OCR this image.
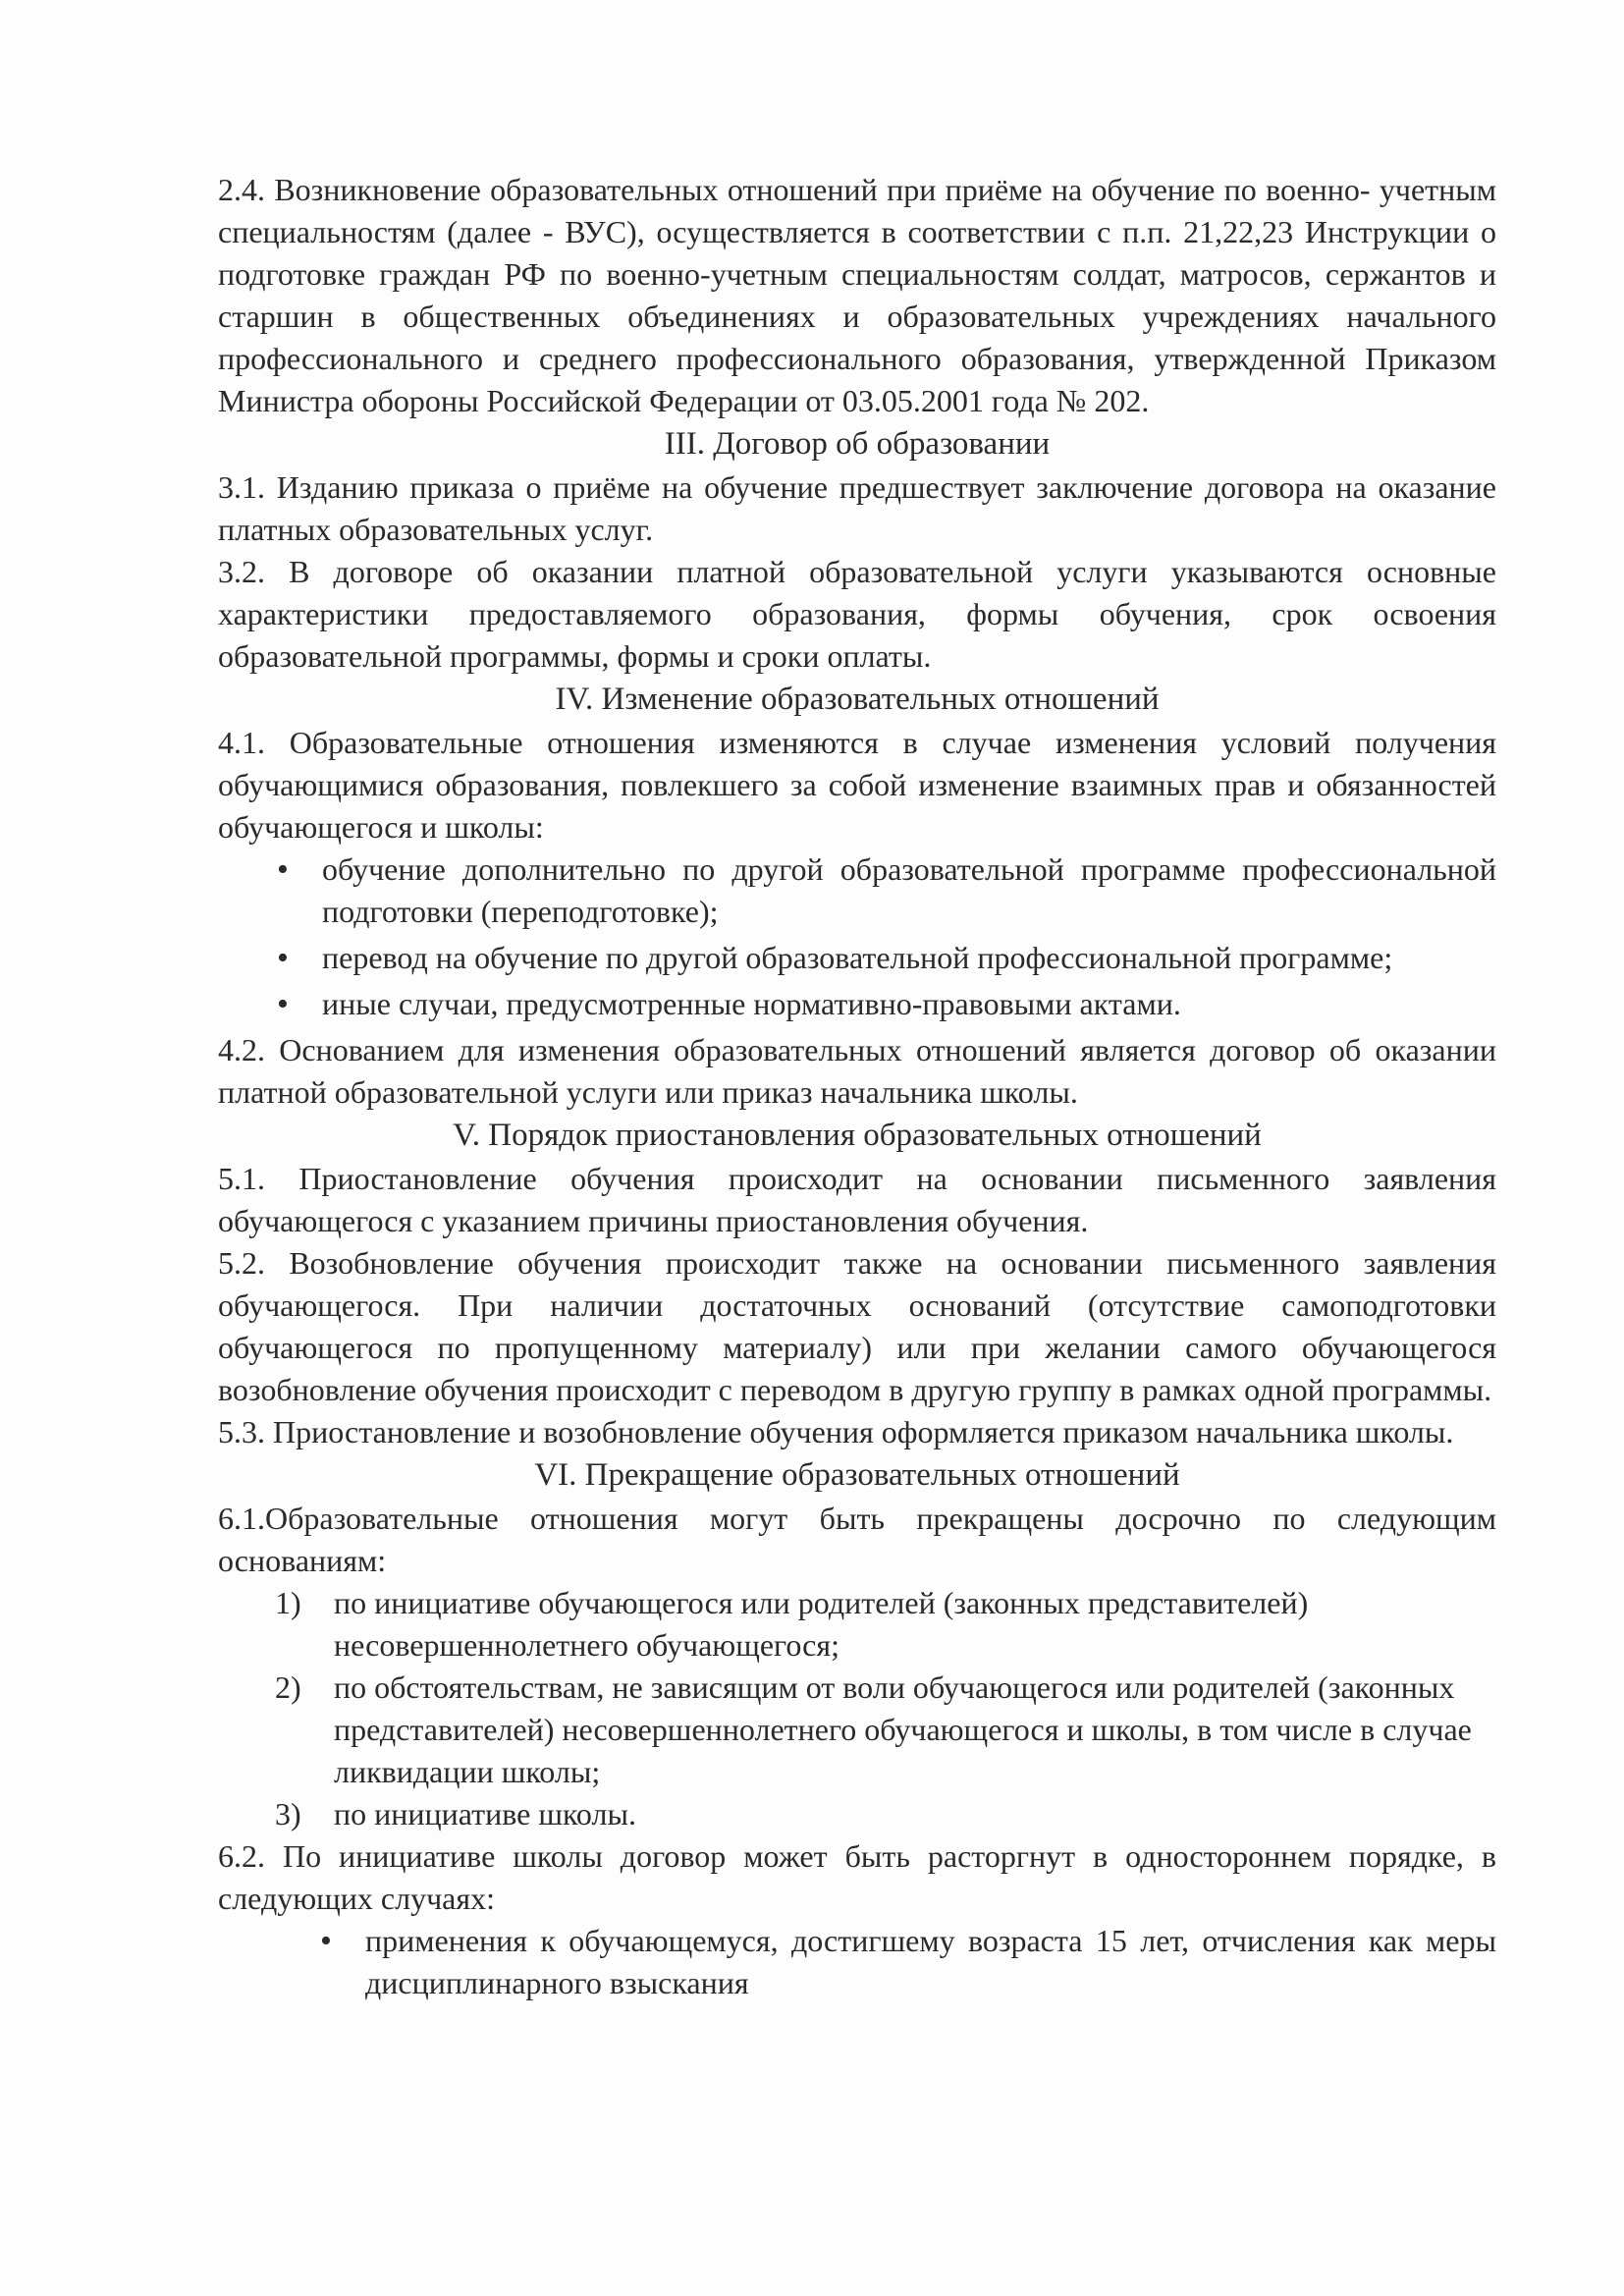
2.4. Возникновение образовательных отношений при приёме на обучение по военно- учетным специальностям (далее - ВУС), осуществляется в соответствии с п.п. 21,22,23 Инструкции о подготовке граждан РФ по военно-учетным специальностям солдат, матросов, сержантов и старшин в общественных объединениях и образовательных учреждениях начального профессионального и среднего профессионального образования, утвержденной Приказом Министра обороны Российской Федерации от 03.05.2001 года № 202.

III. Договор об образовании

3.1. Изданию приказа о приёме на обучение предшествует заключение договора на оказание платных образовательных услуг.

3.2. В договоре об оказании платной образовательной услуги указываются основные характеристики предоставляемого образования, формы обучения, срок освоения образовательной программы, формы и сроки оплаты.

IV. Изменение образовательных отношений

4.1. Образовательные отношения изменяются в случае изменения условий получения обучающимися образования, повлекшего за собой изменение взаимных прав и обязанностей обучающегося и школы:

• обучение дополнительно по другой образовательной программе профессиональной подготовки (переподготовке);
• перевод на обучение по другой образовательной профессиональной программе;
• иные случаи, предусмотренные нормативно-правовыми актами.

4.2. Основанием для изменения образовательных отношений является договор об оказании платной образовательной услуги или приказ начальника школы.

V. Порядок приостановления образовательных отношений

5.1. Приостановление обучения происходит на основании письменного заявления обучающегося с указанием причины приостановления обучения.

5.2. Возобновление обучения происходит также на основании письменного заявления обучающегося. При наличии достаточных оснований (отсутствие самоподготовки обучающегося по пропущенному материалу) или при желании самого обучающегося возобновление обучения происходит с переводом в другую группу в рамках одной программы.

5.3. Приостановление и возобновление обучения оформляется приказом начальника школы.

VI. Прекращение образовательных отношений

6.1.Образовательные отношения могут быть прекращены досрочно по следующим основаниям:

1) по инициативе обучающегося или родителей (законных представителей) несовершеннолетнего обучающегося;
2) по обстоятельствам, не зависящим от воли обучающегося или родителей (законных представителей) несовершеннолетнего обучающегося и школы, в том числе в случае ликвидации школы;
3) по инициативе школы.

6.2. По инициативе школы договор может быть расторгнут в одностороннем порядке, в следующих случаях:

• применения к обучающемуся, достигшему возраста 15 лет, отчисления как меры дисциплинарного взыскания
